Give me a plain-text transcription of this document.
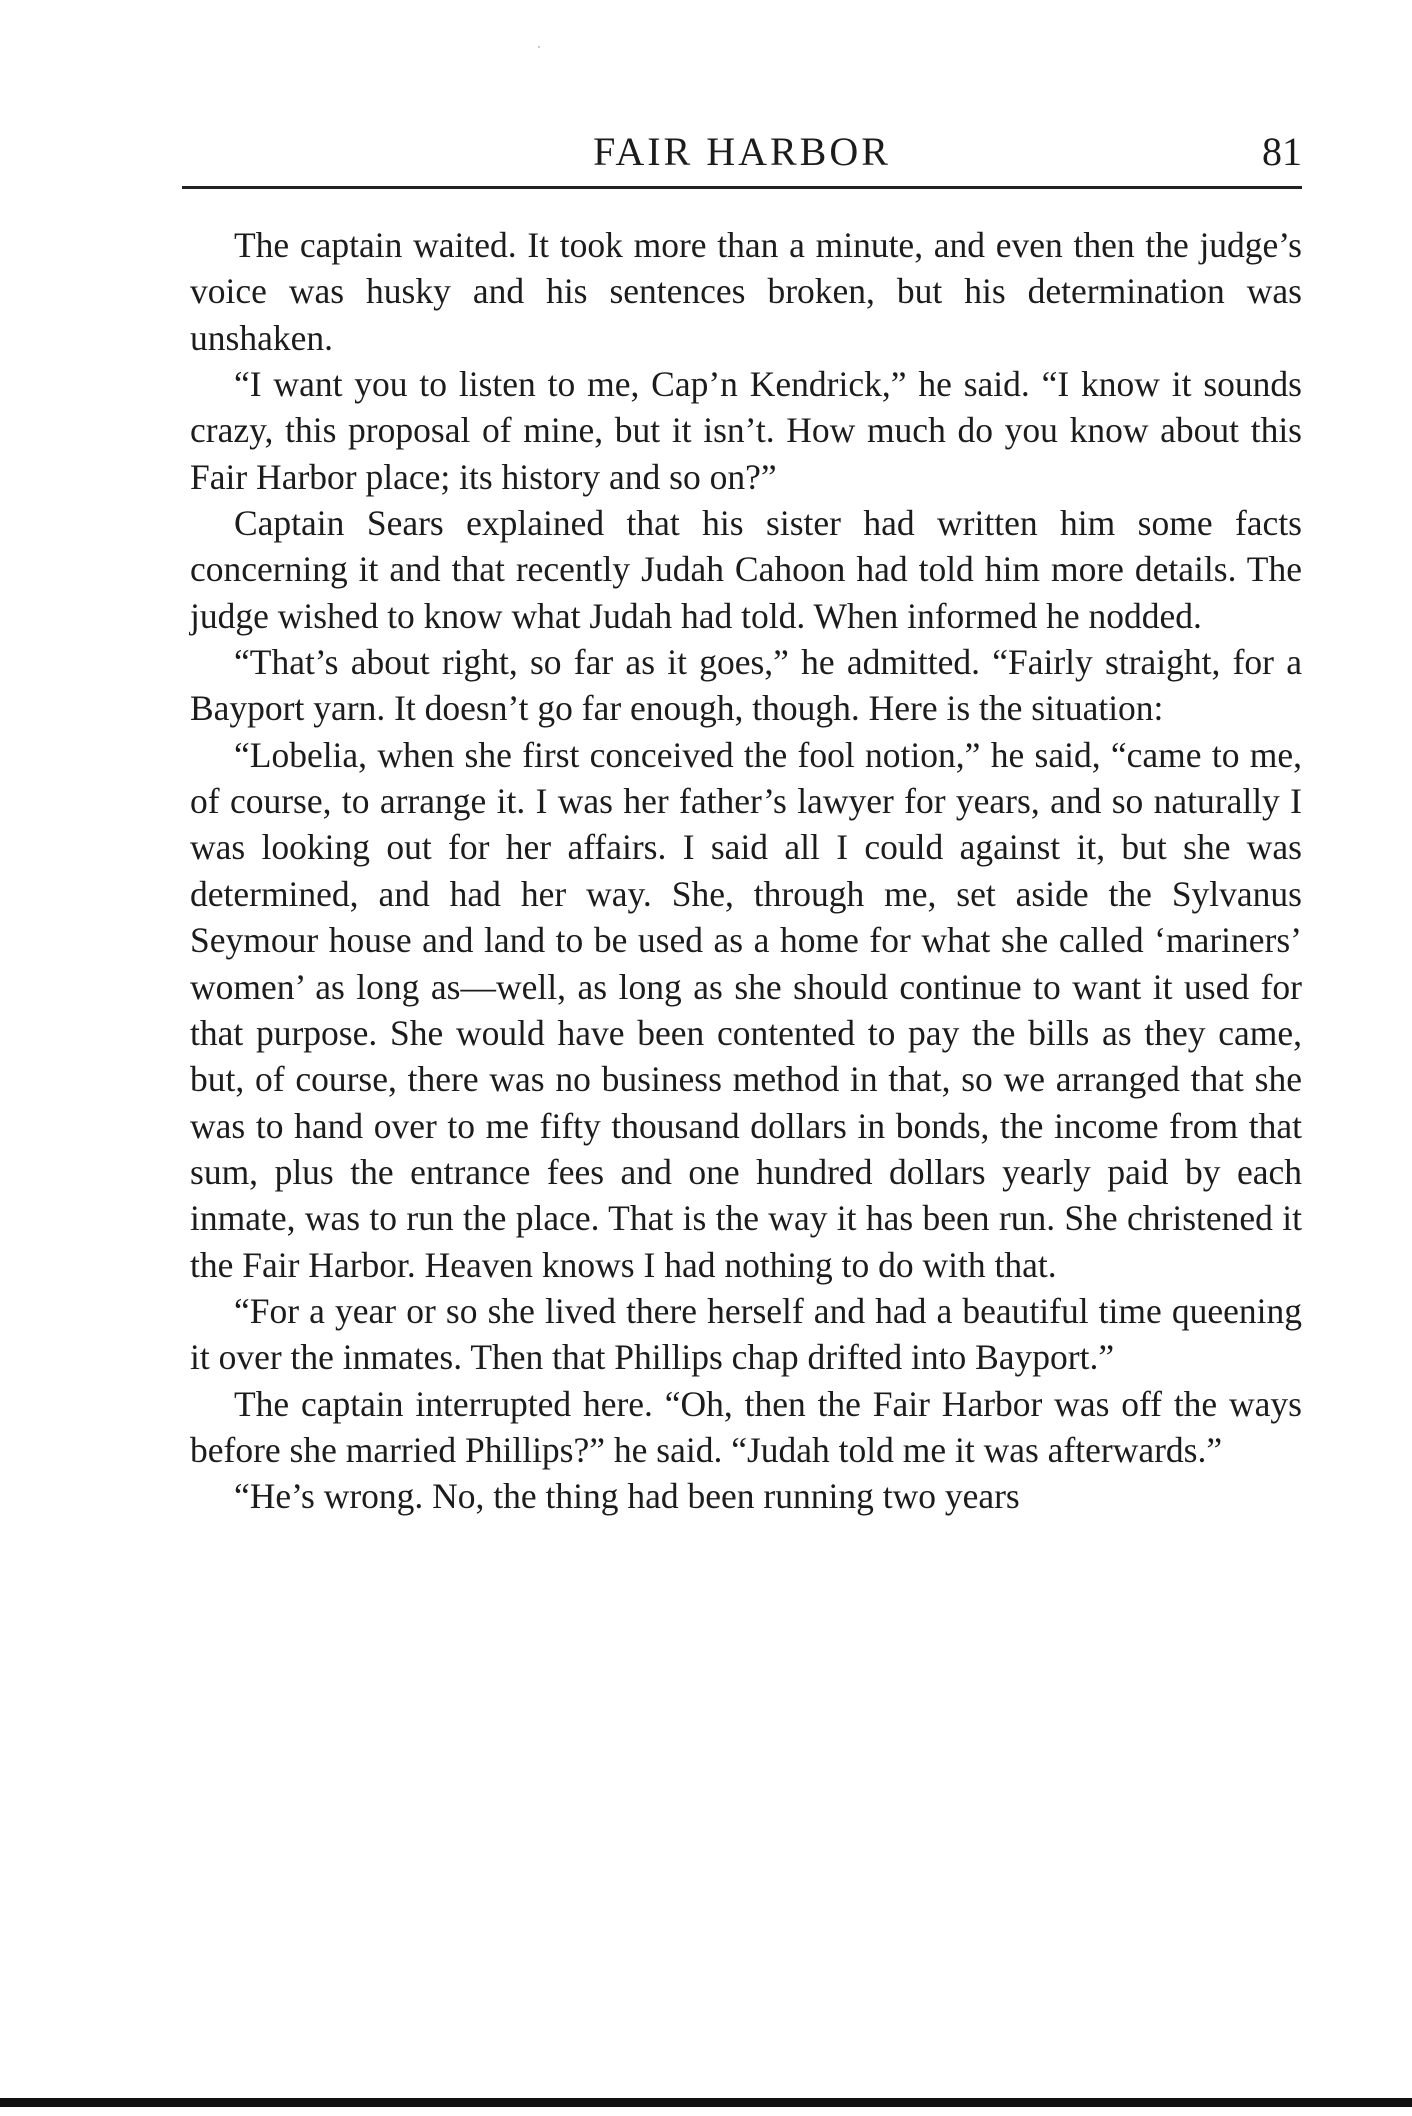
FAIR HARBOR	81

The captain waited. It took more than a minute, and even then the judge’s voice was husky and his sentences broken, but his determination was unshaken.

“I want you to listen to me, Cap’n Kendrick,” he said. “I know it sounds crazy, this proposal of mine, but it isn’t. How much do you know about this Fair Harbor place; its history and so on?”

Captain Sears explained that his sister had written him some facts concerning it and that recently Judah Cahoon had told him more details. The judge wished to know what Judah had told. When informed he nodded.

“That’s about right, so far as it goes,” he admitted. “Fairly straight, for a Bayport yarn. It doesn’t go far enough, though. Here is the situation:

“Lobelia, when she first conceived the fool notion,” he said, “came to me, of course, to arrange it. I was her father’s lawyer for years, and so naturally I was looking out for her affairs. I said all I could against it, but she was determined, and had her way. She, through me, set aside the Sylvanus Seymour house and land to be used as a home for what she called ‘mariners’ women’ as long as—well, as long as she should continue to want it used for that purpose. She would have been contented to pay the bills as they came, but, of course, there was no business method in that, so we arranged that she was to hand over to me fifty thousand dollars in bonds, the income from that sum, plus the entrance fees and one hundred dollars yearly paid by each inmate, was to run the place. That is the way it has been run. She christened it the Fair Harbor. Heaven knows I had nothing to do with that.

“For a year or so she lived there herself and had a beautiful time queening it over the inmates. Then that Phillips chap drifted into Bayport.”

The captain interrupted here. “Oh, then the Fair Harbor was off the ways before she married Phillips?” he said. “Judah told me it was afterwards.”

“He’s wrong. No, the thing had been running two years
